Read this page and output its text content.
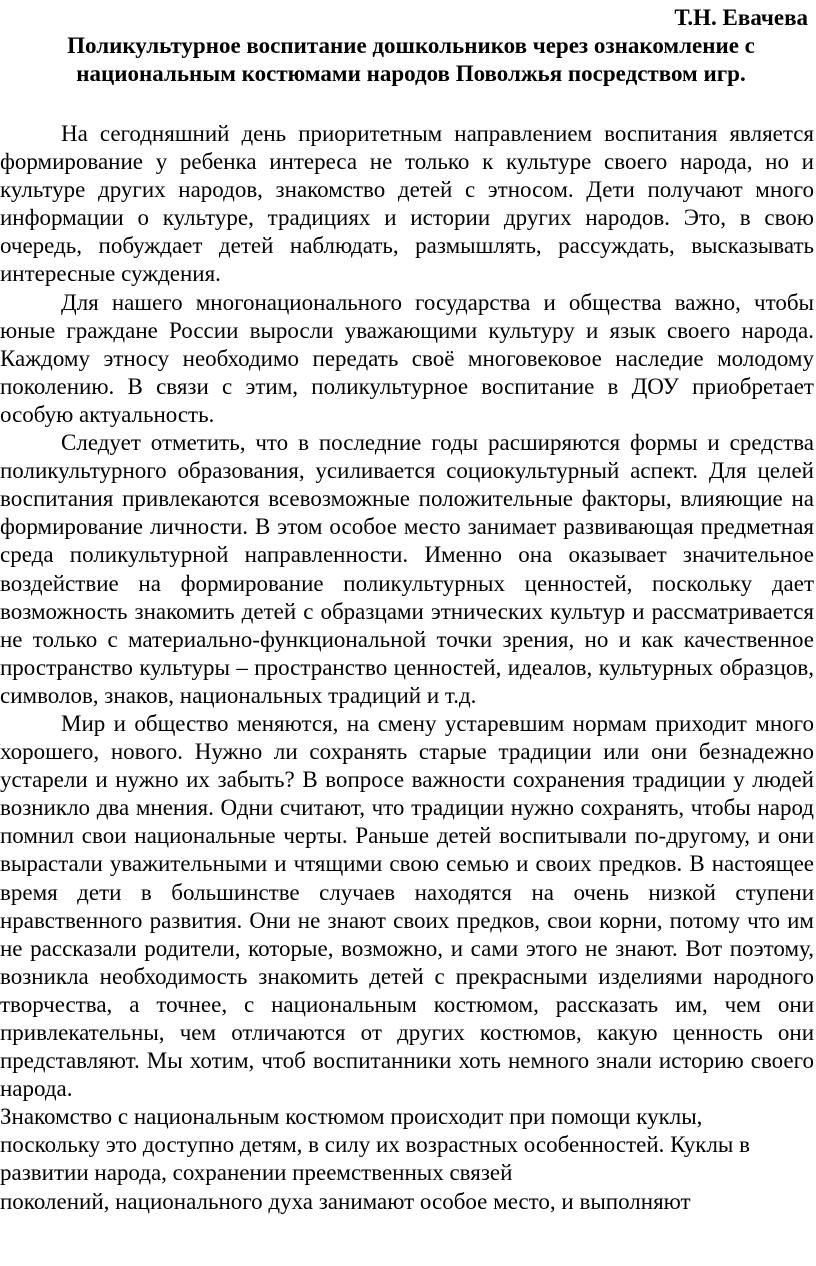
Т.Н. Евачева

Поликультурное воспитание дошкольников через ознакомление с национальным костюмами народов Поволжья посредством игр.

На сегодняшний день приоритетным направлением воспитания является формирование у ребенка интереса не только к культуре своего народа, но и культуре других народов, знакомство детей с этносом. Дети получают много информации о культуре, традициях и истории других народов. Это, в свою очередь, побуждает детей наблюдать, размышлять, рассуждать, высказывать интересные суждения.

Для нашего многонационального государства и общества важно, чтобы юные граждане России выросли уважающими культуру и язык своего народа. Каждому этносу необходимо передать своё многовековое наследие молодому поколению. В связи с этим, поликультурное воспитание в ДОУ приобретает особую актуальность.

Следует отметить, что в последние годы расширяются формы и средства поликультурного образования, усиливается социокультурный аспект. Для целей воспитания привлекаются всевозможные положительные факторы, влияющие на формирование личности. В этом особое место занимает развивающая предметная среда поликультурной направленности. Именно она оказывает значительное воздействие на формирование поликультурных ценностей, поскольку дает возможность знакомить детей с образцами этнических культур и рассматривается не только с материально-функциональной точки зрения, но и как качественное пространство культуры – пространство ценностей, идеалов, культурных образцов, символов, знаков, национальных традиций и т.д.

Мир и общество меняются, на смену устаревшим нормам приходит много хорошего, нового. Нужно ли сохранять старые традиции или они безнадежно устарели и нужно их забыть? В вопросе важности сохранения традиции у людей возникло два мнения. Одни считают, что традиции нужно сохранять, чтобы народ помнил свои национальные черты. Раньше детей воспитывали по-другому, и они вырастали уважительными и чтящими свою семью и своих предков. В настоящее время дети в большинстве случаев находятся на очень низкой ступени нравственного развития. Они не знают своих предков, свои корни, потому что им не рассказали родители, которые, возможно, и сами этого не знают. Вот поэтому, возникла необходимость знакомить детей с прекрасными изделиями народного творчества, а точнее, с национальным костюмом, рассказать им, чем они привлекательны, чем отличаются от других костюмов, какую ценность они представляют. Мы хотим, чтоб воспитанники хоть немного знали историю своего народа.

Знакомство с национальным костюмом происходит при помощи куклы,

поскольку это доступно детям, в силу их возрастных особенностей. Куклы в

развитии народа, сохранении преемственных связей

поколений, национального духа занимают особое место, и выполняют
